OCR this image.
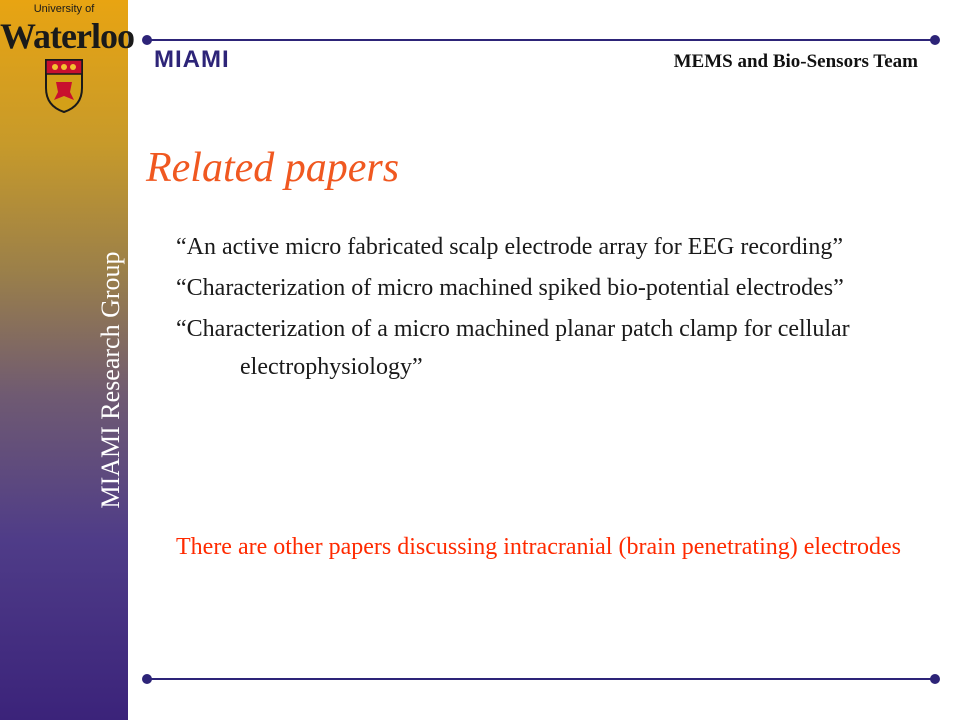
University of
Waterloo
MIAMI Research Group Electrical and Computer Eng. Dept.
MIAMI	MEMS and Bio-Sensors Team
Related papers
“An active micro fabricated scalp electrode array for EEG recording”
“Characterization of micro machined spiked bio-potential electrodes”
“Characterization of a micro machined planar patch clamp for cellular electrophysiology”
There are other papers discussing intracranial (brain penetrating) electrodes
